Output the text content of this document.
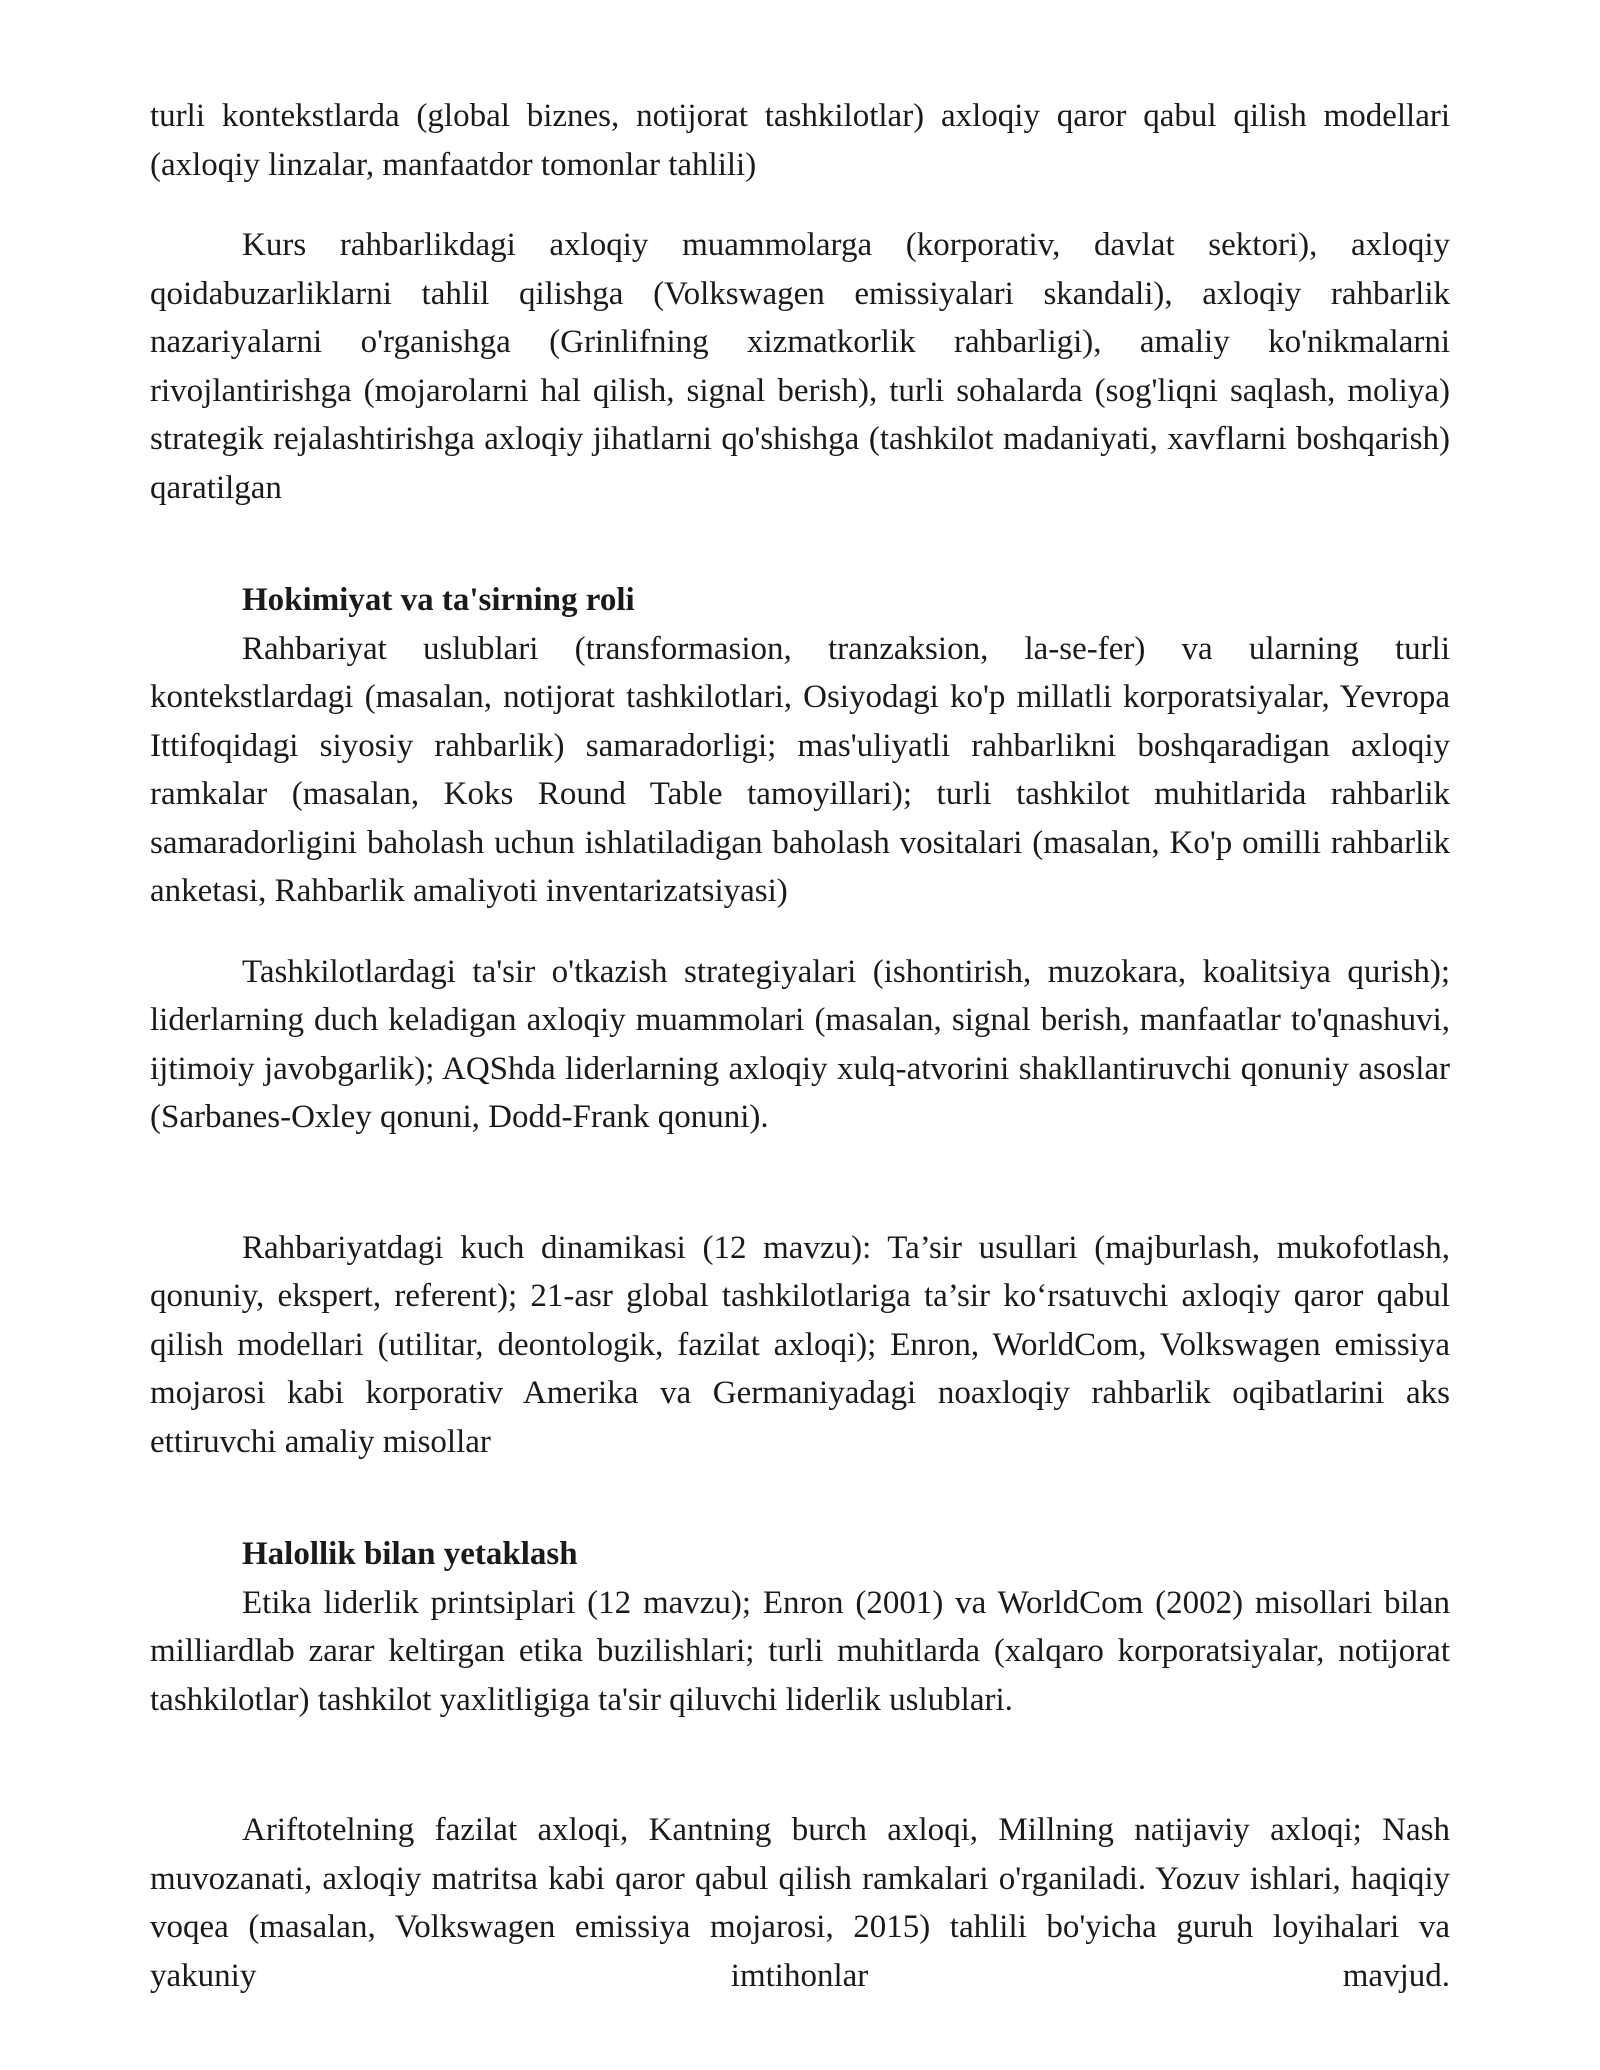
turli kontekstlarda (global biznes, notijorat tashkilotlar) axloqiy qaror qabul qilish modellari (axloqiy linzalar, manfaatdor tomonlar tahlili)

Kurs rahbarlikdagi axloqiy muammolarga (korporativ, davlat sektori), axloqiy qoidabuzarliklarni tahlil qilishga (Volkswagen emissiyalari skandali), axloqiy rahbarlik nazariyalarni o'rganishga (Grinlifning xizmatkorlik rahbarligi), amaliy ko'nikmalarni rivojlantirishga (mojarolarni hal qilish, signal berish), turli sohalarda (sog'liqni saqlash, moliya) strategik rejalashtirishga axloqiy jihatlarni qo'shishga (tashkilot madaniyati, xavflarni boshqarish) qaratilgan

Hokimiyat va ta'sirning roli

Rahbariyat uslublari (transformasion, tranzaksion, la-se-fer) va ularning turli kontekstlardagi (masalan, notijorat tashkilotlari, Osiyodagi ko'p millatli korporatsiyalar, Yevropa Ittifoqidagi siyosiy rahbarlik) samaradorligi; mas'uliyatli rahbarlikni boshqaradigan axloqiy ramkalar (masalan, Koks Round Table tamoyillari); turli tashkilot muhitlarida rahbarlik samaradorligini baholash uchun ishlatiladigan baholash vositalari (masalan, Ko'p omilli rahbarlik anketasi, Rahbarlik amaliyoti inventarizatsiyasi)

Tashkilotlardagi ta'sir o'tkazish strategiyalari (ishontirish, muzokara, koalitsiya qurish); liderlarning duch keladigan axloqiy muammolari (masalan, signal berish, manfaatlar to'qnashuvi, ijtimoiy javobgarlik); AQShda liderlarning axloqiy xulq-atvorini shakllantiruvchi qonuniy asoslar (Sarbanes-Oxley qonuni, Dodd-Frank qonuni).

Rahbariyatdagi kuch dinamikasi (12 mavzu): Ta’sir usullari (majburlash, mukofotlash, qonuniy, ekspert, referent); 21-asr global tashkilotlariga ta’sir ko‘rsatuvchi axloqiy qaror qabul qilish modellari (utilitar, deontologik, fazilat axloqi); Enron, WorldCom, Volkswagen emissiya mojarosi kabi korporativ Amerika va Germaniyadagi noaxloqiy rahbarlik oqibatlarini aks ettiruvchi amaliy misollar

Halollik bilan yetaklash

Etika liderlik printsiplari (12 mavzu); Enron (2001) va WorldCom (2002) misollari bilan milliardlab zarar keltirgan etika buzilishlari; turli muhitlarda (xalqaro korporatsiyalar, notijorat tashkilotlar) tashkilot yaxlitligiga ta'sir qiluvchi liderlik uslublari.

Ariftotelning fazilat axloqi, Kantning burch axloqi, Millning natijaviy axloqi; Nash muvozanati, axloqiy matritsa kabi qaror qabul qilish ramkalari o'rganiladi. Yozuv ishlari, haqiqiy voqea (masalan, Volkswagen emissiya mojarosi, 2015) tahlili bo'yicha guruh loyihalari va yakuniy imtihonlar mavjud.
